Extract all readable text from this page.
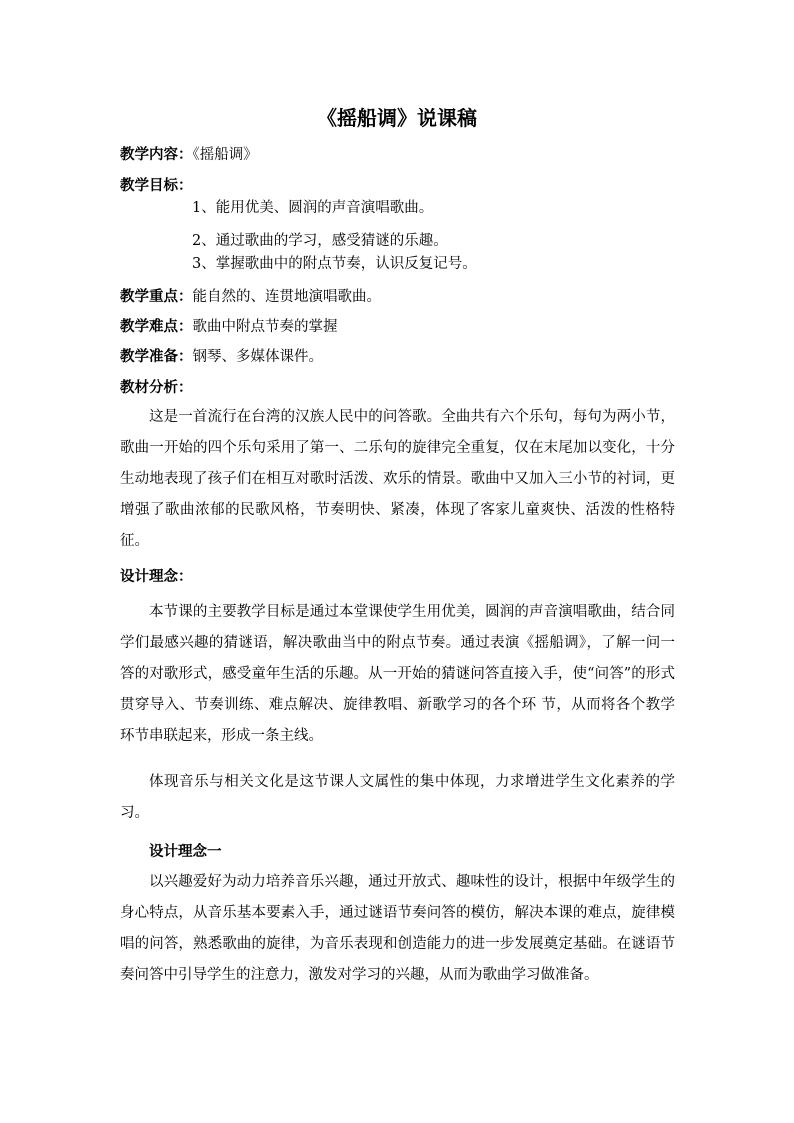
《摇船调》说课稿
教学内容：《摇船调》
教学目标：
1、能用优美、圆润的声音演唱歌曲。
2、通过歌曲的学习，感受猜谜的乐趣。
3、掌握歌曲中的附点节奏，认识反复记号。
教学重点：能自然的、连贯地演唱歌曲。
教学难点：歌曲中附点节奏的掌握
教学准备：钢琴、多媒体课件。
教材分析：

这是一首流行在台湾的汉族人民中的问答歌。全曲共有六个乐句，每句为两小节，歌曲一开始的四个乐句采用了第一、二乐句的旋律完全重复，仅在末尾加以变化，十分生动地表现了孩子们在相互对歌时活泼、欢乐的情景。歌曲中又加入三小节的衬词，更增强了歌曲浓郁的民歌风格，节奏明快、紧凑，体现了客家儿童爽快、活泼的性格特征。

设计理念：

本节课的主要教学目标是通过本堂课使学生用优美，圆润的声音演唱歌曲，结合同学们最感兴趣的猜谜语，解决歌曲当中的附点节奏。通过表演《摇船调》，了解一问一答的对歌形式，感受童年生活的乐趣。从一开始的猜谜问答直接入手，使“问答”的形式贯穿导入、节奏训练、难点解决、旋律教唱、新歌学习的各个环 节，从而将各个教学环节串联起来，形成一条主线。

体现音乐与相关文化是这节课人文属性的集中体现，力求增进学生文化素养的学习。

设计理念一

以兴趣爱好为动力培养音乐兴趣，通过开放式、趣味性的设计，根据中年级学生的身心特点，从音乐基本要素入手，通过谜语节奏问答的模仿，解决本课的难点，旋律模唱的问答，熟悉歌曲的旋律，为音乐表现和创造能力的进一步发展奠定基础。在谜语节奏问答中引导学生的注意力，激发对学习的兴趣，从而为歌曲学习做准备。
